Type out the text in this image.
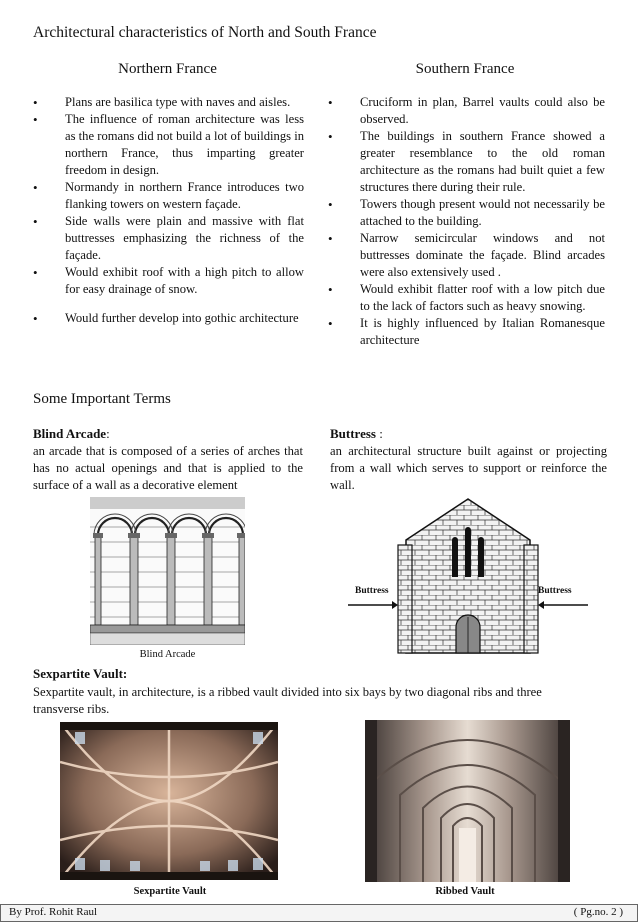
Architectural characteristics of North and South France
Northern France
• Plans are basilica type with naves and aisles.
• The influence of roman architecture was less as the romans did not build a lot of buildings in northern France, thus imparting greater freedom in design.
• Normandy in northern France introduces two flanking towers on western façade.
• Side walls were plain and massive with flat buttresses emphasizing the richness of the façade.
• Would exhibit roof with a high pitch to allow for easy drainage of snow.
• Would further develop into gothic architecture
Southern France
• Cruciform in plan, Barrel vaults could also be observed.
• The buildings in southern France showed a greater resemblance to the old roman architecture as the romans had built quiet a few structures there during their rule.
• Towers though present would not necessarily be attached to the building.
• Narrow semicircular windows and not buttresses dominate the façade. Blind arcades were also extensively used .
• Would exhibit flatter roof with a low pitch due to the lack of factors such as heavy snowing.
• It is highly influenced by Italian Romanesque architecture
Some Important Terms
Blind Arcade:
an arcade that is composed of a series of arches that has no actual openings and that is applied to the surface of a wall as a decorative element
Buttress :
an architectural structure built against or projecting from a wall which serves to support or reinforce the wall.
Blind Arcade
Buttress	Buttress
Sexpartite Vault:
Sexpartite vault, in architecture, is a ribbed vault divided into six bays by two diagonal ribs and three transverse ribs.
Sexpartite Vault	Ribbed Vault
By Prof. Rohit Raul	( Pg.no. 2 )
